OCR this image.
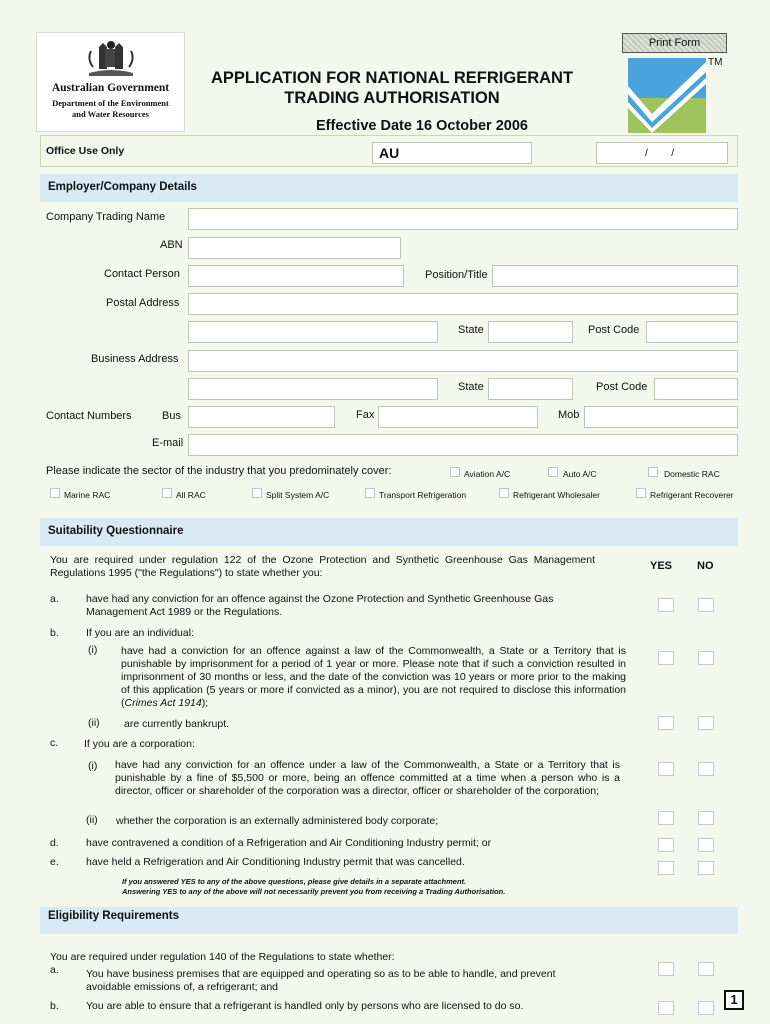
Australian Government
Department of the Environment and Water Resources
APPLICATION FOR NATIONAL REFRIGERANT TRADING AUTHORISATION
Effective Date 16 October 2006
Print Form
TM
Office Use Only	AU	/        /
Employer/Company Details
Company Trading Name
ABN
Contact Person	Position/Title
Postal Address
State	Post Code
Business Address
State	Post Code
Contact Numbers	Bus	Fax	Mob
E-mail
Please indicate the sector of the industry that you predominately cover:	Aviation A/C	Auto A/C	Domestic RAC
Marine RAC	All RAC	Split System A/C	Transport Refrigeration	Refrigerant Wholesaler	Refrigerant Recoverer
Suitability Questionnaire
You are required under regulation 122 of the Ozone Protection and Synthetic Greenhouse Gas Management Regulations 1995 ("the Regulations") to state whether you:
YES NO
a.	have had any conviction for an offence against the Ozone Protection and Synthetic Greenhouse Gas Management Act 1989 or the Regulations.
b.	If you are an individual:
(i) have had a conviction for an offence against a law of the Commonwealth, a State or a Territory that is punishable by imprisonment for a period of 1 year or more. Please note that if such a conviction resulted in imprisonment of 30 months or less, and the date of the conviction was 10 years or more prior to the making of this application (5 years or more if convicted as a minor), you are not required to disclose this information (Crimes Act 1914);
(ii) are currently bankrupt.
c. If you are a corporation:
(i) have had any conviction for an offence under a law of the Commonwealth, a State or a Territory that is punishable by a fine of $5,500 or more, being an offence committed at a time when a person who is a director, officer or shareholder of the corporation was a director, officer or shareholder of the corporation;
(ii) whether the corporation is an externally administered body corporate;
d.	have contravened a condition of a Refrigeration and Air Conditioning Industry permit; or
e.	have held a Refrigeration and Air Conditioning Industry permit that was cancelled.
If you answered YES to any of the above questions, please give details in a separate attachment.
Answering YES to any of the above will not necessarily prevent you from receiving a Trading Authorisation.
Eligibility Requirements
You are required under regulation 140 of the Regulations to state whether:
a.	You have business premises that are equipped and operating so as to be able to handle, and prevent avoidable emissions of, a refrigerant; and
b.	You are able to ensure that a refrigerant is handled only by persons who are licensed to do so.	1
